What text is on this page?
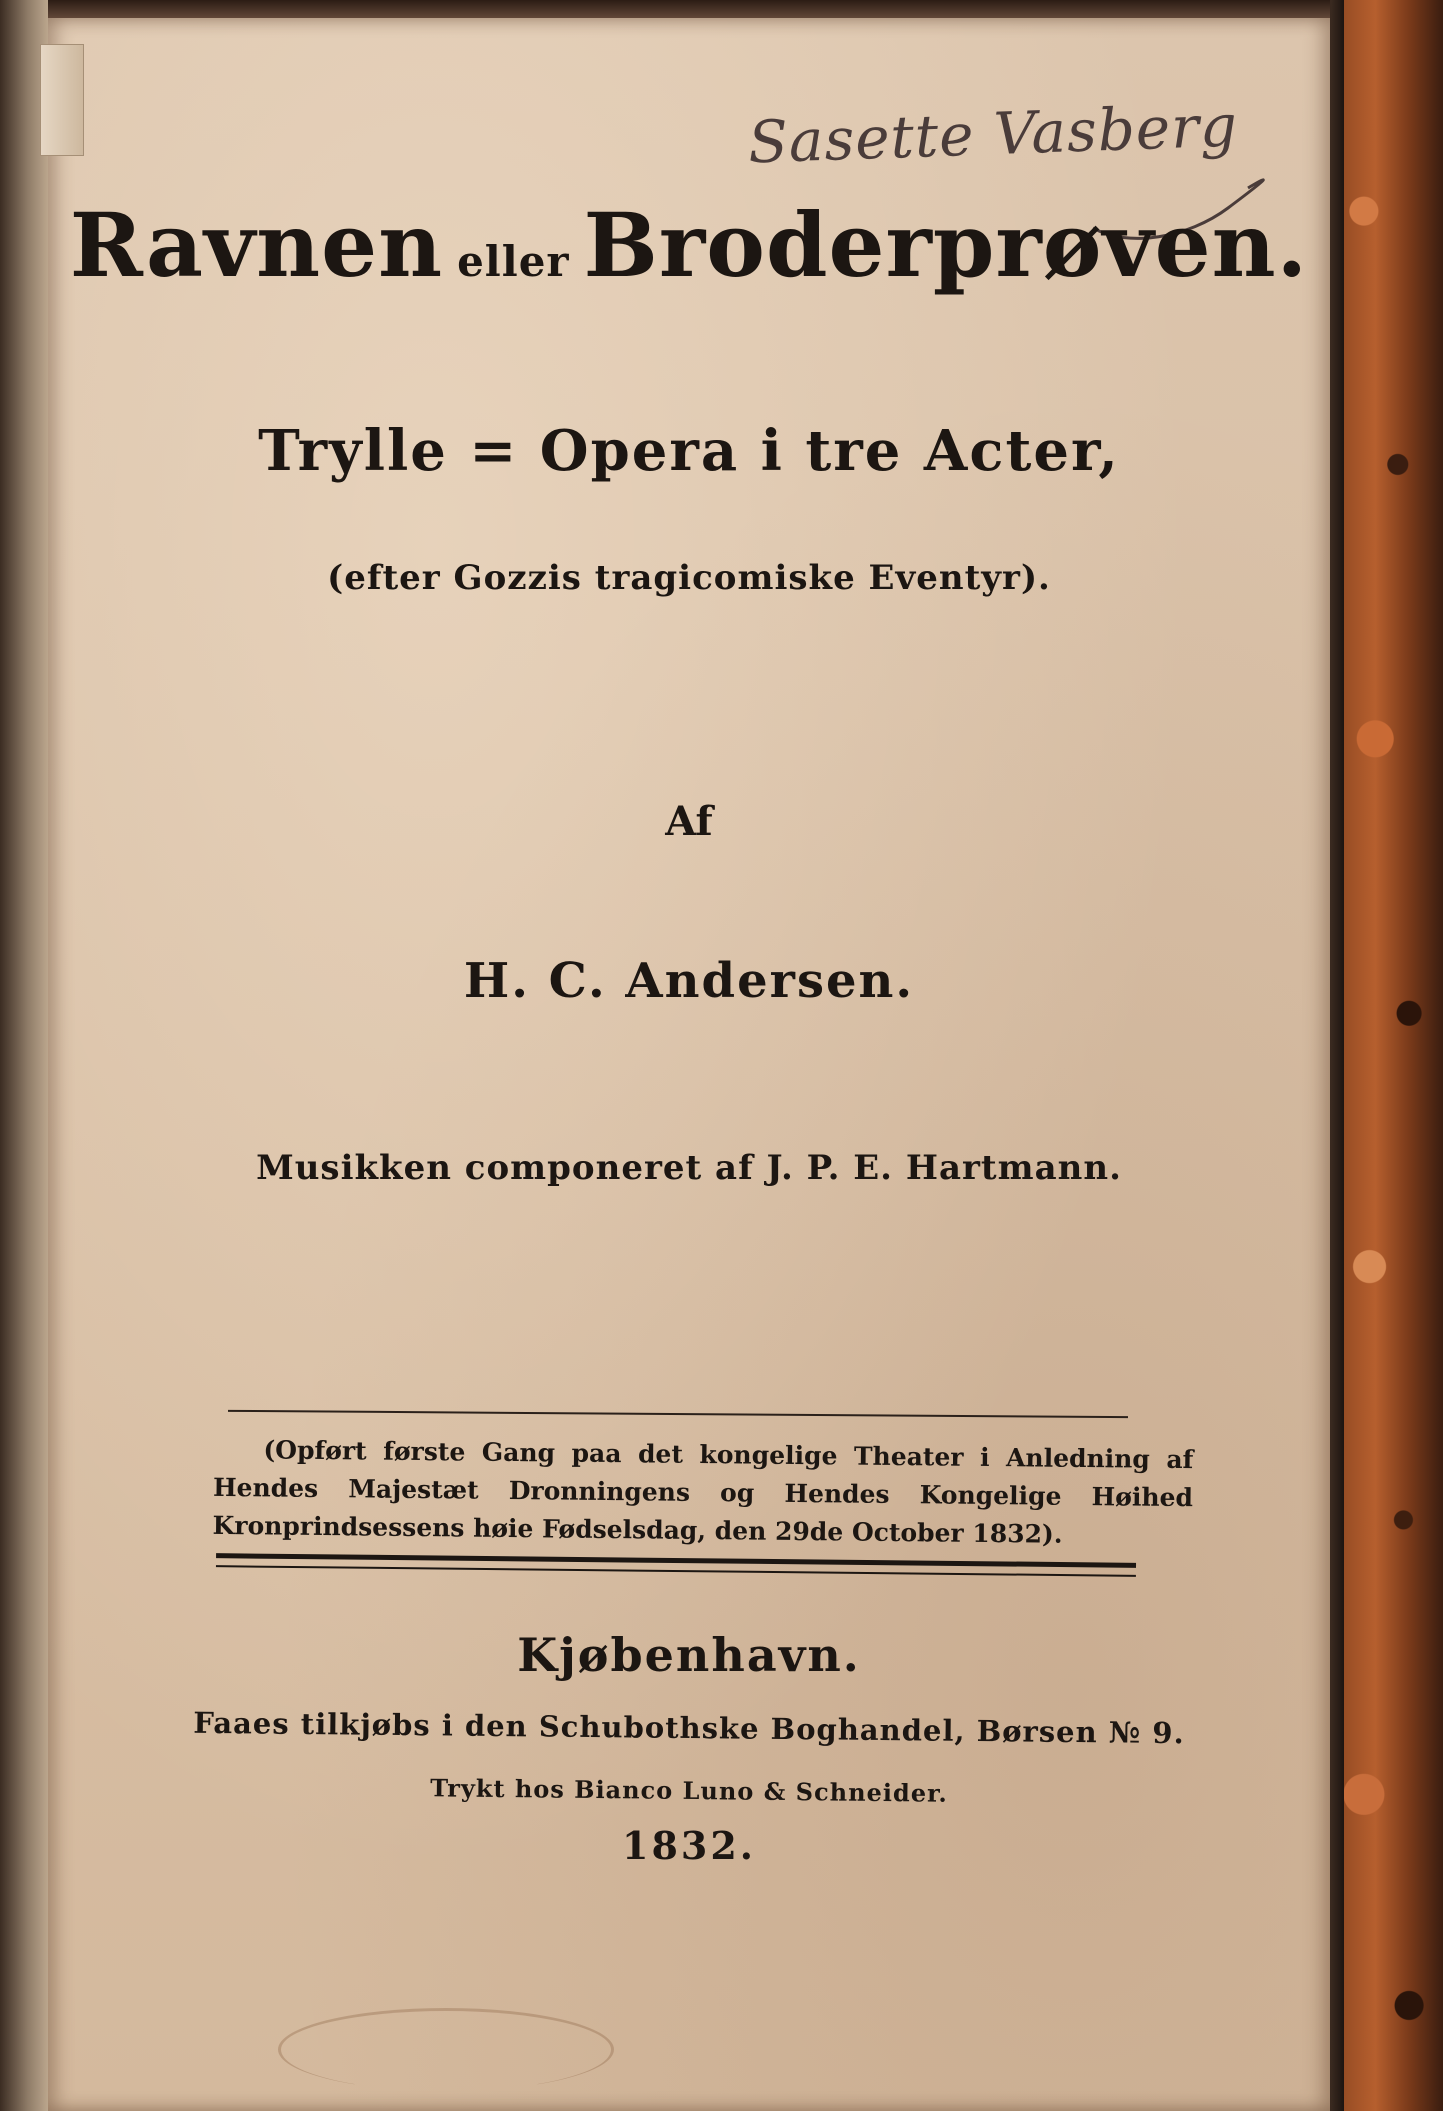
Sasette Vasberg
Ravnen eller Broderprøven.
Trylle = Opera i tre Acter,
(efter Gozzis tragicomiske Eventyr).
Af
H. C. Andersen.
Musikken componeret af J. P. E. Hartmann.
(Opført første Gang paa det kongelige Theater i Anledning af Hendes Majestæt Dronningens og Hendes Kongelige Høihed Kronprindsessens høie Fødselsdag, den 29de October 1832).
Kjøbenhavn.
Faaes tilkjøbs i den Schubothske Boghandel, Børsen № 9.
Trykt hos Bianco Luno & Schneider.
1832.
